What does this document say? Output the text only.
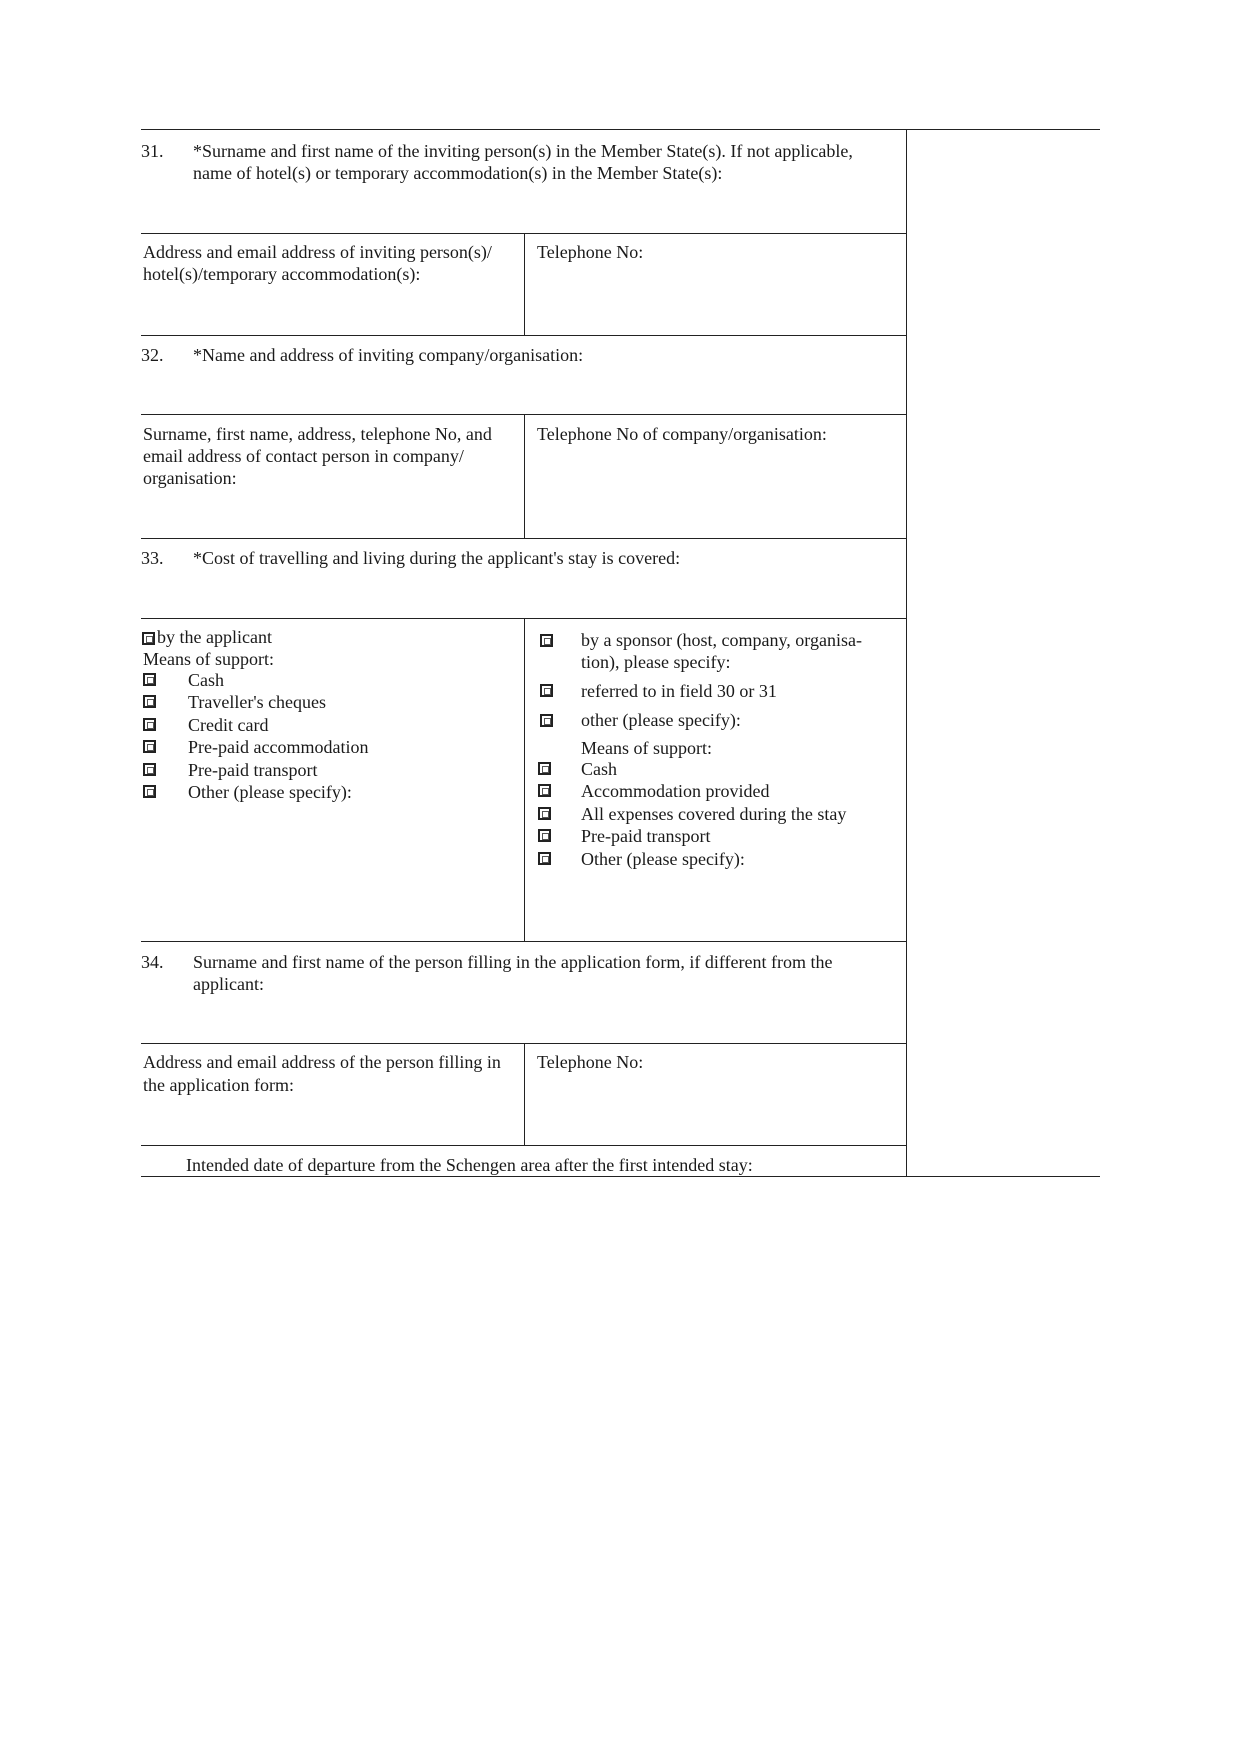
31. *Surname and first name of the inviting person(s) in the Member State(s). If not applicable,
name of hotel(s) or temporary accommodation(s) in the Member State(s):
Address and email address of inviting person(s)/
hotel(s)/temporary accommodation(s):
Telephone No:
32. *Name and address of inviting company/organisation:
Surname, first name, address, telephone No, and
email address of contact person in company/
organisation:
Telephone No of company/organisation:
33. *Cost of travelling and living during the applicant's stay is covered:
by the applicant
Means of support:
Cash
Traveller's cheques
Credit card
Pre-paid accommodation
Pre-paid transport
Other (please specify):
by a sponsor (host, company, organisa-
tion), please specify:
referred to in field 30 or 31
other (please specify):
Means of support:
Cash
Accommodation provided
All expenses covered during the stay
Pre-paid transport
Other (please specify):
34. Surname and first name of the person filling in the application form, if different from the
applicant:
Address and email address of the person filling in
the application form:
Telephone No:
Intended date of departure from the Schengen area after the first intended stay:
